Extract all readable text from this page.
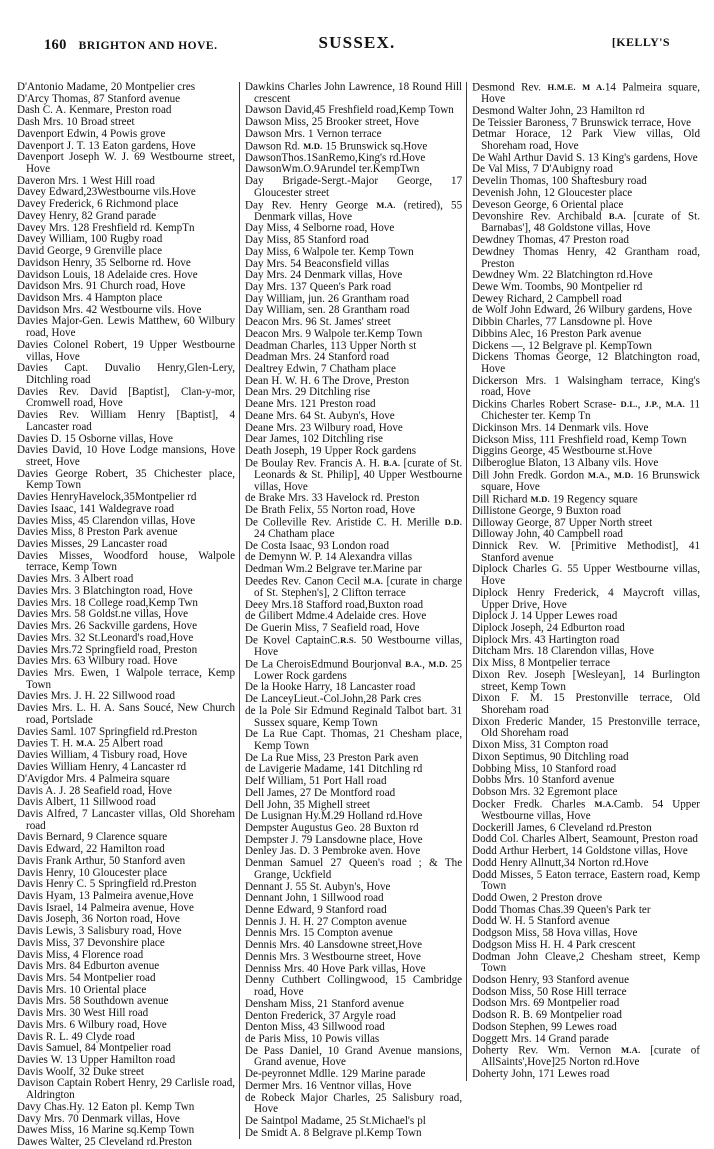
160 BRIGHTON AND HOVE.	SUSSEX.	[KELLY'S

D'Antonio Madame, 20 Montpelier cres

D'Arcy Thomas, 87 Stanford avenue

Dash C. A. Kenmare, Preston road

Dash Mrs. 10 Broad street

Davenport Edwin, 4 Powis grove

Davenport J. T. 13 Eaton gardens, Hove

Davenport Joseph W. J. 69 Westbourne street, Hove

Daveron Mrs. 1 West Hill road

Davey Edward,23Westbourne vils.Hove

Davey Frederick, 6 Richmond place

Davey Henry, 82 Grand parade

Davey Mrs. 128 Freshfield rd. KempTn

Davey William, 100 Rugby road

David George, 9 Grenville place

Davidson Henry, 35 Selborne rd. Hove

Davidson Louis, 18 Adelaide cres. Hove

Davidson Mrs. 91 Church road, Hove

Davidson Mrs. 4 Hampton place

Davidson Mrs. 42 Westbourne vils. Hove

Davies Major-Gen. Lewis Matthew, 60 Wilbury road, Hove

Davies Colonel Robert, 19 Upper Westbourne villas, Hove

Davies Capt. Duvalio Henry,Glen-Lery, Ditchling road

Davies Rev. David [Baptist], Clan-y-mor, Cromwell road, Hove

Davies Rev. William Henry [Baptist], 4 Lancaster road

Davies D. 15 Osborne villas, Hove

Davies David, 10 Hove Lodge mansions, Hove street, Hove

Davies George Robert, 35 Chichester place, Kemp Town

Davies HenryHavelock,35Montpelier rd

Davies Isaac, 141 Waldegrave road

Davies Miss, 45 Clarendon villas, Hove

Davies Miss, 8 Preston Park avenue

Davies Misses, 29 Lancaster road

Davies Misses, Woodford house, Walpole terrace, Kemp Town

Davies Mrs. 3 Albert road

Davies Mrs. 3 Blatchington road, Hove

Davies Mrs. 18 College road,Kemp Twn

Davies Mrs. 58 Goldst.ne villas, Hove

Davies Mrs. 26 Sackville gardens, Hove

Davies Mrs. 32 St.Leonard's road,Hove

Davies Mrs.72 Springfield road, Preston

Davies Mrs. 63 Wilbury road. Hove

Davies Mrs. Ewen, 1 Walpole terrace, Kemp Town

Davies Mrs. J. H. 22 Sillwood road

Davies Mrs. L. H. A. Sans Soucé, New Church road, Portslade

Davies Saml. 107 Springfield rd.Preston

Davies T. H. M.A. 25 Albert road

Davies William, 4 Tisbury road, Hove

Davies William Henry, 4 Lancaster rd

D'Avigdor Mrs. 4 Palmeira square

Davis A. J. 28 Seafield road, Hove

Davis Albert, 11 Sillwood road

Davis Alfred, 7 Lancaster villas, Old Shoreham road

Davis Bernard, 9 Clarence square

Davis Edward, 22 Hamilton road

Davis Frank Arthur, 50 Stanford aven

Davis Henry, 10 Gloucester place

Davis Henry C. 5 Springfield rd.Preston

Davis Hyam, 13 Palmeira avenue,Hove

Davis Israel, 14 Palmeira avenue, Hove

Davis Joseph, 36 Norton road, Hove

Davis Lewis, 3 Salisbury road, Hove

Davis Miss, 37 Devonshire place

Davis Miss, 4 Florence road

Davis Mrs. 84 Edburton avenue

Davis Mrs. 54 Montpelier road

Davis Mrs. 10 Oriental place

Davis Mrs. 58 Southdown avenue

Davis Mrs. 30 West Hill road

Davis Mrs. 6 Wilbury road, Hove

Davis R. L. 49 Clyde road

Davis Samuel, 84 Montpelier road

Davies W. 13 Upper Hamilton road

Davis Woolf, 32 Duke street

Davison Captain Robert Henry, 29 Carlisle road, Aldrington

Davy Chas.Hy. 12 Eaton pl. Kemp Twn

Davy Mrs. 70 Denmark villas, Hove

Dawes Miss, 16 Marine sq.Kemp Town

Dawes Walter, 25 Cleveland rd.Preston

Dawkins Charles John Lawrence, 18 Round Hill crescent

Dawson David,45 Freshfield road,Kemp Town

Dawson Miss, 25 Brooker street, Hove

Dawson Mrs. 1 Vernon terrace

Dawson Rd. M.D. 15 Brunswick sq.Hove

DawsonThos.1SanRemo,King's rd.Hove

DawsonWm.O.9Arundel ter.KempTwn

Day Brigade-Sergt.-Major George, 17 Gloucester street

Day Rev. Henry George M.A. (retired), 55 Denmark villas, Hove

Day Miss, 4 Selborne road, Hove

Day Miss, 85 Stanford road

Day Miss, 6 Walpole ter. Kemp Town

Day Mrs. 54 Beaconsfield villas

Day Mrs. 24 Denmark villas, Hove

Day Mrs. 137 Queen's Park road

Day William, jun. 26 Grantham road

Day William, sen. 28 Grantham road

Deacon Mrs. 96 St. James' street

Deacon Mrs. 9 Walpole ter.Kemp Town

Deadman Charles, 113 Upper North st

Deadman Mrs. 24 Stanford road

Dealtrey Edwin, 7 Chatham place

Dean H. W. H. 6 The Drove, Preston

Dean Mrs. 29 Ditchling rise

Deane Mrs. 121 Preston road

Deane Mrs. 64 St. Aubyn's, Hove

Deane Mrs. 23 Wilbury road, Hove

Dear James, 102 Ditchling rise

Death Joseph, 19 Upper Rock gardens

De Boulay Rev. Francis A. H. B.A. [curate of St. Leonards & St. Philip], 40 Upper Westbourne villas, Hove

de Brake Mrs. 33 Havelock rd. Preston

De Brath Felix, 55 Norton road, Hove

De Colleville Rev. Aristide C. H. Merille D.D. 24 Chatham place

De Costa Isaac, 93 London road

de Demynn W. P. 14 Alexandra villas

Dedman Wm.2 Belgrave ter.Marine par

Deedes Rev. Canon Cecil M.A. [curate in charge of St. Stephen's], 2 Clifton terrace

Deey Mrs.18 Stafford road,Buxton road

de Gilibert Mdme.4 Adelaide cres. Hove

De Guerin Miss, 7 Seafield road, Hove

De Kovel CaptainC.R.S. 50 Westbourne villas, Hove

De La CheroisEdmund Bourjonval B.A., M.D. 25 Lower Rock gardens

De la Hooke Harry, 18 Lancaster road

De LanceyLieut.-Col.John,28 Park cres

de la Pole Sir Edmund Reginald Talbot bart. 31 Sussex square, Kemp Town

De La Rue Capt. Thomas, 21 Chesham place, Kemp Town

De La Rue Miss, 23 Preston Park aven

de Lavigerie Madame, 141 Ditchling rd

Delf William, 51 Port Hall road

Dell James, 27 De Montford road

Dell John, 35 Mighell street

De Lusignan Hy.M.29 Holland rd.Hove

Dempster Augustus Geo. 28 Buxton rd

Dempster J. 79 Lansdowne place, Hove

Denley Jas. D. 3 Pembroke aven. Hove

Denman Samuel 27 Queen's road ; & The Grange, Uckfield

Dennant J. 55 St. Aubyn's, Hove

Dennant John, 1 Sillwood road

Denne Edward, 9 Stanford road

Dennis J. H. H. 27 Compton avenue

Dennis Mrs. 15 Compton avenue

Dennis Mrs. 40 Lansdowne street,Hove

Dennis Mrs. 3 Westbourne street, Hove

Denniss Mrs. 40 Hove Park villas, Hove

Denny Cuthbert Collingwood, 15 Cambridge road, Hove

Densham Miss, 21 Stanford avenue

Denton Frederick, 37 Argyle road

Denton Miss, 43 Sillwood road

de Paris Miss, 10 Powis villas

De Pass Daniel, 10 Grand Avenue mansions, Grand avenue, Hove

De-peyronnet Mdlle. 129 Marine parade

Dermer Mrs. 16 Ventnor villas, Hove

de Robeck Major Charles, 25 Salisbury road, Hove

De Saintpol Madame, 25 St.Michael's pl

De Smidt A. 8 Belgrave pl.Kemp Town

Desmond Rev. H.M.E. M A.14 Palmeira square, Hove

Desmond Walter John, 23 Hamilton rd

De Teissier Baroness, 7 Brunswick terrace, Hove

Detmar Horace, 12 Park View villas, Old Shoreham road, Hove

De Wahl Arthur David S. 13 King's gardens, Hove

De Val Miss, 7 D'Aubigny road

Develin Thomas, 100 Shaftesbury road

Devenish John, 12 Gloucester place

Deveson George, 6 Oriental place

Devonshire Rev. Archibald B.A. [curate of St. Barnabas'], 48 Goldstone villas, Hove

Dewdney Thomas, 47 Preston road

Dewdney Thomas Henry, 42 Grantham road, Preston

Dewdney Wm. 22 Blatchington rd.Hove

Dewe Wm. Toombs, 90 Montpelier rd

Dewey Richard, 2 Campbell road

de Wolf John Edward, 26 Wilbury gardens, Hove

Dibbin Charles, 77 Lansdowne pl. Hove

Dibbins Alec, 16 Preston Park avenue

Dickens —, 12 Belgrave pl. KempTown

Dickens Thomas George, 12 Blatchington road, Hove

Dickerson Mrs. 1 Walsingham terrace, King's road, Hove

Dickins Charles Robert Scrase- D.L., J.P., M.A. 11 Chichester ter. Kemp Tn

Dickinson Mrs. 14 Denmark vils. Hove

Dickson Miss, 111 Freshfield road, Kemp Town

Diggins George, 45 Westbourne st.Hove

Dilberoglue Blaton, 13 Albany vils. Hove

Dill John Fredk. Gordon M.A., M.D. 16 Brunswick square, Hove

Dill Richard M.D. 19 Regency square

Dillistone George, 9 Buxton road

Dilloway George, 87 Upper North street

Dilloway John, 40 Campbell road

Dinnick Rev. W. [Primitive Methodist], 41 Stanford avenue

Diplock Charles G. 55 Upper Westbourne villas, Hove

Diplock Henry Frederick, 4 Maycroft villas, Upper Drive, Hove

Diplock J. 14 Upper Lewes road

Diplock Joseph, 24 Edburton road

Diplock Mrs. 43 Hartington road

Ditcham Mrs. 18 Clarendon villas, Hove

Dix Miss, 8 Montpelier terrace

Dixon Rev. Joseph [Wesleyan], 14 Burlington street, Kemp Town

Dixon F. M. 15 Prestonville terrace, Old Shoreham road

Dixon Frederic Mander, 15 Prestonville terrace, Old Shoreham road

Dixon Miss, 31 Compton road

Dixon Septimus, 90 Ditchling road

Dobbing Miss, 10 Stanford road

Dobbs Mrs. 10 Stanford avenue

Dobson Mrs. 32 Egremont place

Docker Fredk. Charles M.A.Camb. 54 Upper Westbourne villas, Hove

Dockerill James, 6 Cleveland rd.Preston

Dodd Col. Charles Albert, Seamount, Preston road

Dodd Arthur Herbert, 14 Goldstone villas, Hove

Dodd Henry Allnutt,34 Norton rd.Hove

Dodd Misses, 5 Eaton terrace, Eastern road, Kemp Town

Dodd Owen, 2 Preston drove

Dodd Thomas Chas.39 Queen's Park ter

Dodd W. H. 5 Stanford avenue

Dodgson Miss, 58 Hova villas, Hove

Dodgson Miss H. H. 4 Park crescent

Dodman John Cleave,2 Chesham street, Kemp Town

Dodson Henry, 93 Stanford avenue

Dodson Miss, 50 Rose Hill terrace

Dodson Mrs. 69 Montpelier road

Dodson R. B. 69 Montpelier road

Dodson Stephen, 99 Lewes road

Doggett Mrs. 14 Grand parade

Doherty Rev. Wm. Vernon M.A. [curate of AllSaints',Hove]25 Norton rd.Hove

Doherty John, 171 Lewes road
